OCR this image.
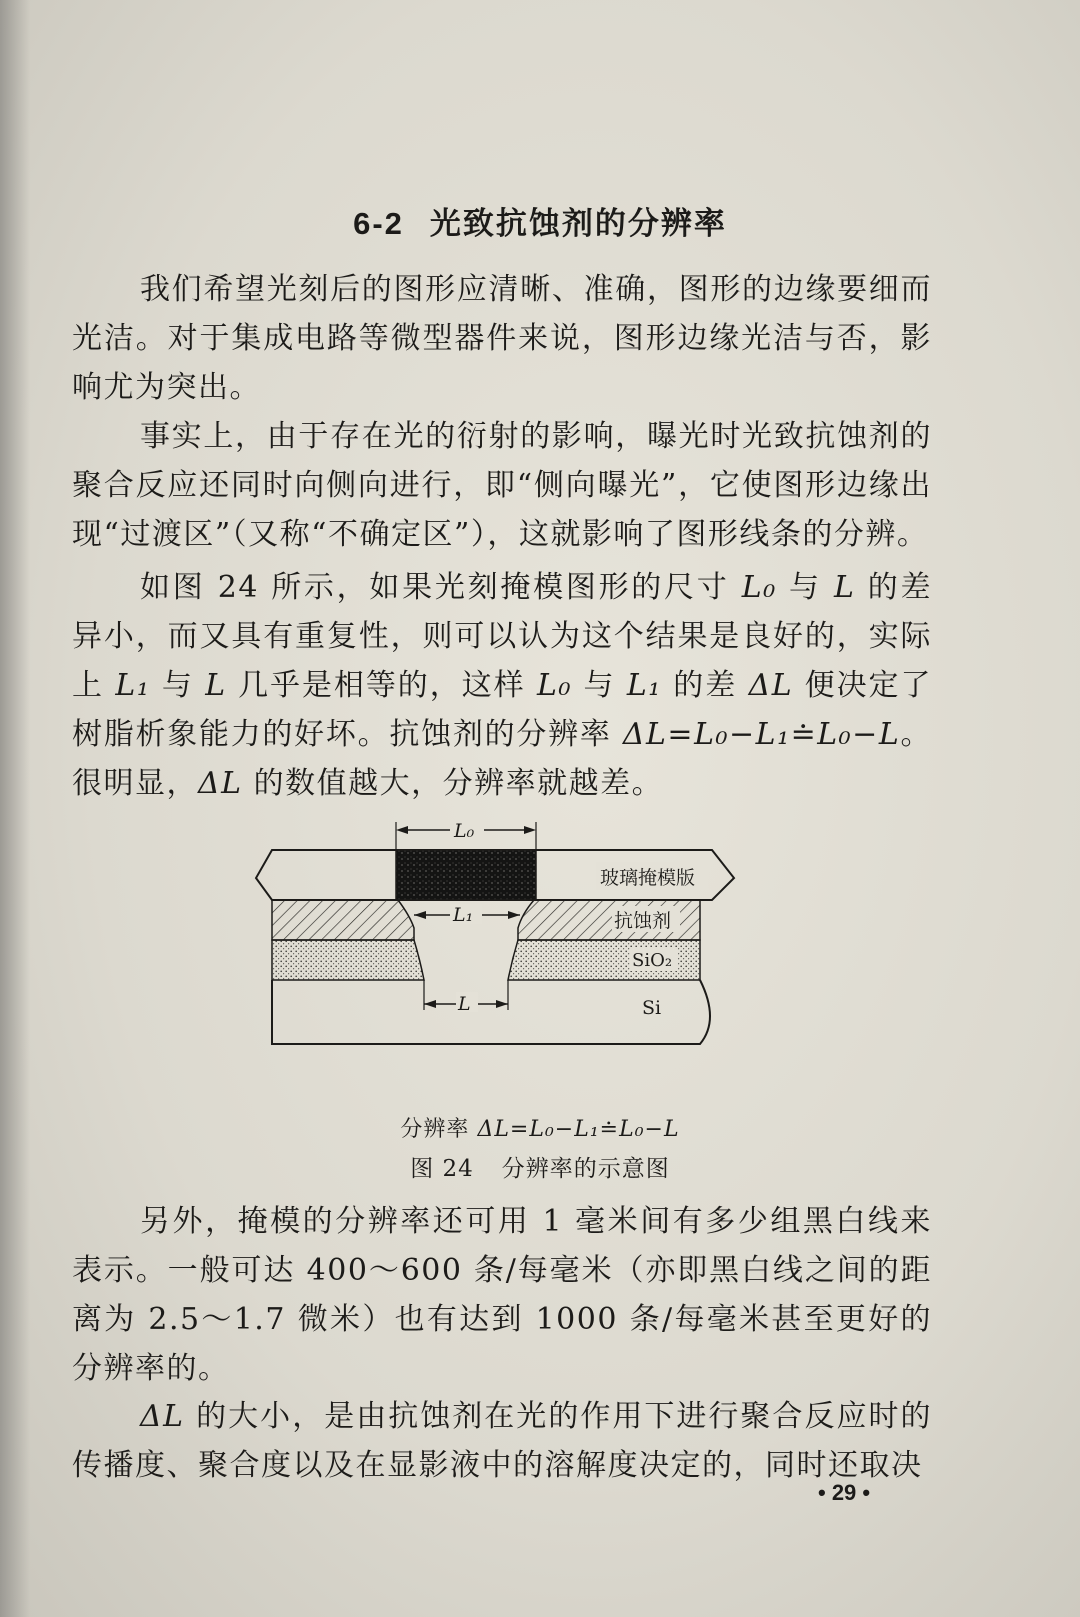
6-2 光致抗蚀剂的分辨率

我们希望光刻后的图形应清晰、准确，图形的边缘要细而光洁。对于集成电路等微型器件来说，图形边缘光洁与否，影响尤为突出。

事实上，由于存在光的衍射的影响，曝光时光致抗蚀剂的聚合反应还同时向侧向进行，即“侧向曝光”，它使图形边缘出现“过渡区”（又称“不确定区”），这就影响了图形线条的分辨。

如图 24 所示，如果光刻掩模图形的尺寸 L₀ 与 L 的差异小，而又具有重复性，则可以认为这个结果是良好的，实际上 L₁ 与 L 几乎是相等的，这样 L₀ 与 L₁ 的差 ΔL 便决定了树脂析象能力的好坏。抗蚀剂的分辨率 ΔL=L₀−L₁≐L₀−L。很明显，ΔL 的数值越大，分辨率就越差。

L₀
L₁
L
玻璃掩模版
抗蚀剂
SiO₂
Si
分辨率 ΔL=L₀−L₁≐L₀−L
图 24 分辨率的示意图

另外，掩模的分辨率还可用 1 毫米间有多少组黑白线来表示。一般可达 400～600 条/每毫米（亦即黑白线之间的距离为 2.5～1.7 微米）也有达到 1000 条/每毫米甚至更好的分辨率的。

ΔL 的大小，是由抗蚀剂在光的作用下进行聚合反应时的传播度、聚合度以及在显影液中的溶解度决定的，同时还取决

• 29 •
